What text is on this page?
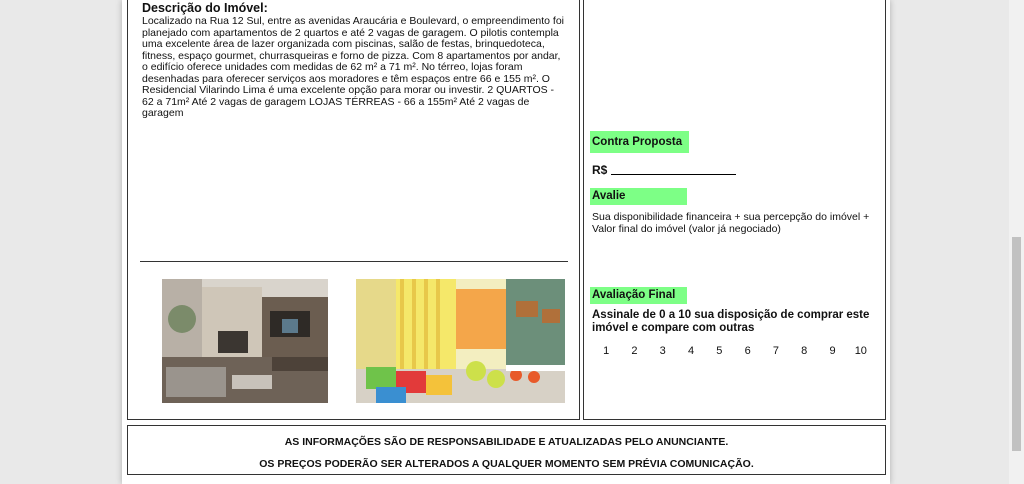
Descrição do Imóvel:
Localizado na Rua 12 Sul, entre as avenidas Araucária e Boulevard, o empreendimento foi planejado com apartamentos de 2 quartos e até 2 vagas de garagem. O pilotis contempla uma excelente área de lazer organizada com piscinas, salão de festas, brinquedoteca, fitness, espaço gourmet, churrasqueiras e forno de pizza. Com 8 apartamentos por andar, o edifício oferece unidades com medidas de 62 m² a 71 m². No térreo, lojas foram desenhadas para oferecer serviços aos moradores e têm espaços entre 66 e 155 m². O Residencial Vilarindo Lima é uma excelente opção para morar ou investir. 2 QUARTOS - 62 a 71m² Até 2 vagas de garagem LOJAS TÉRREAS - 66 a 155m² Até 2 vagas de garagem
Contra Proposta
R$
Avalie
Sua disponibilidade financeira + sua percepção do imóvel + Valor final do imóvel (valor já negociado)
Avaliação Final
Assinale de 0 a 10 sua disposição de comprar este imóvel e compare com outras
1	2	3	4	5	6	7	8	9	10
AS INFORMAÇÕES SÃO DE RESPONSABILIDADE E ATUALIZADAS PELO ANUNCIANTE.
OS PREÇOS PODERÃO SER ALTERADOS A QUALQUER MOMENTO SEM PRÉVIA COMUNICAÇÃO.
